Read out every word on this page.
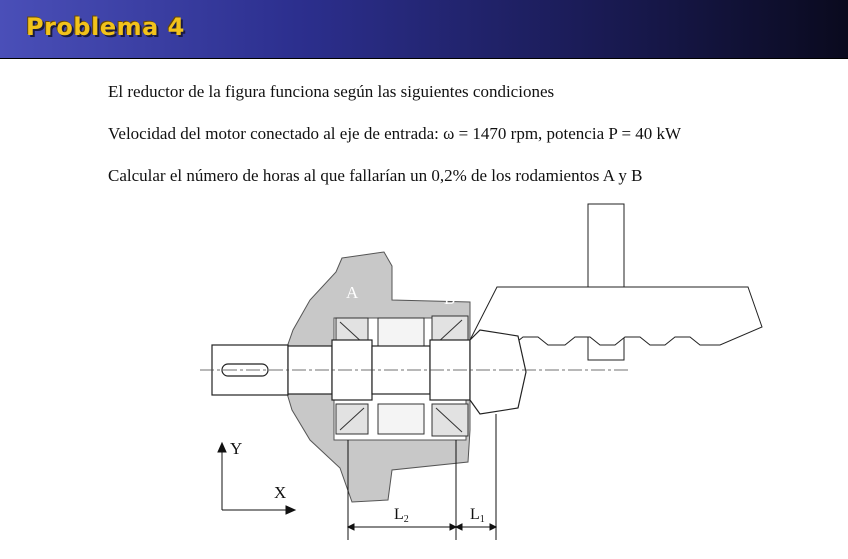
Problema 4
El reductor de la figura funciona según las siguientes condiciones
Velocidad del motor conectado al eje de entrada: ω = 1470 rpm, potencia P = 40 kW
Calcular el número de horas al que fallarían un 0,2% de los rodamientos A y B
A	B
Y
X
L2	L1
